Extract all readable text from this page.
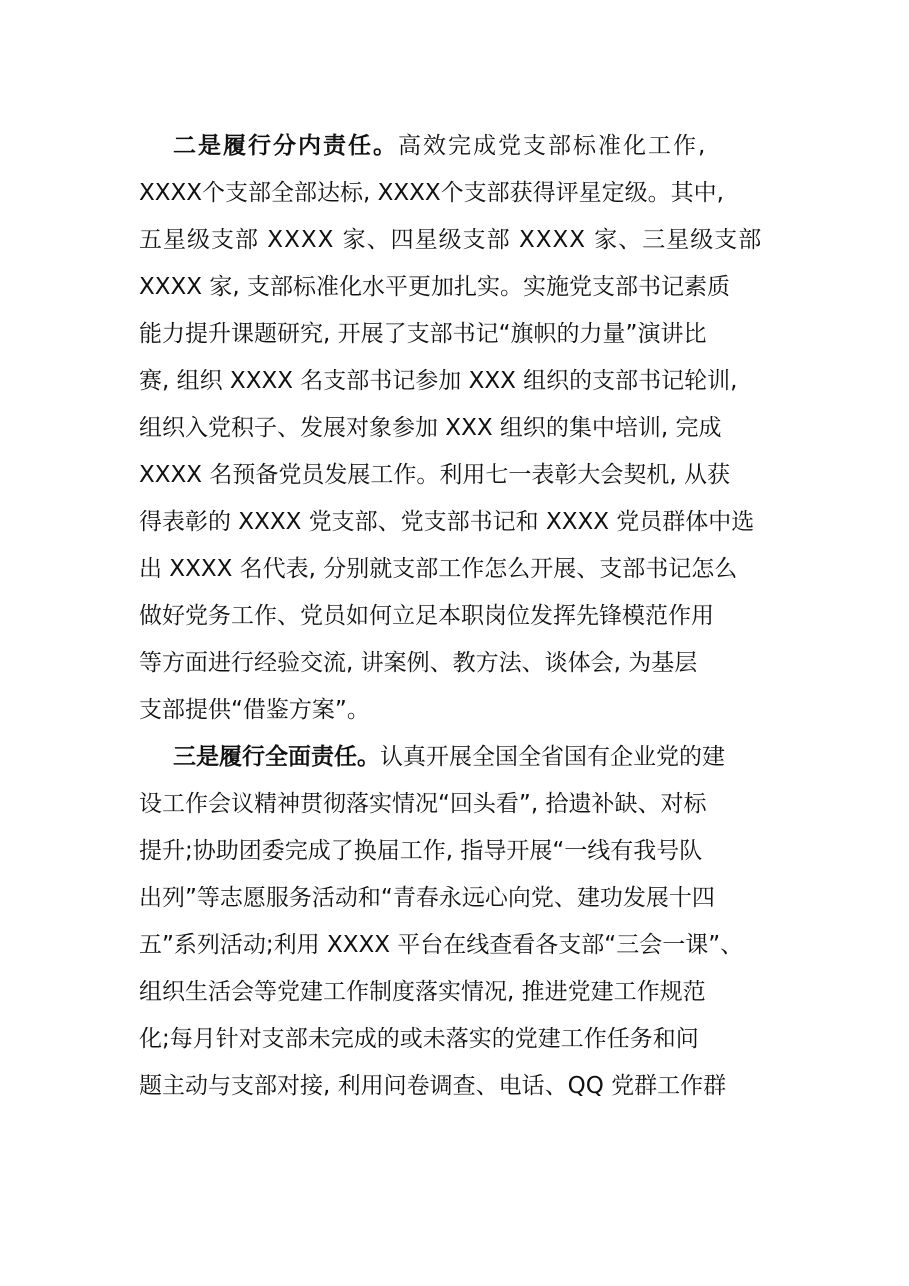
二是履行分内责任。高效完成党支部标准化工作,
XXXX个支部全部达标, XXXX个支部获得评星定级。其中,
五星级支部 XXXX 家、四星级支部 XXXX 家、三星级支部
XXXX 家, 支部标准化水平更加扎实。实施党支部书记素质
能力提升课题研究, 开展了支部书记“旗帜的力量”演讲比
赛, 组织 XXXX 名支部书记参加 XXX 组织的支部书记轮训,
组织入党积子、发展对象参加 XXX 组织的集中培训, 完成
XXXX 名预备党员发展工作。利用七一表彰大会契机, 从获
得表彰的 XXXX 党支部、党支部书记和 XXXX 党员群体中选
出 XXXX 名代表, 分别就支部工作怎么开展、支部书记怎么
做好党务工作、党员如何立足本职岗位发挥先锋模范作用
等方面进行经验交流, 讲案例、教方法、谈体会, 为基层
支部提供“借鉴方案”。
三是履行全面责任。认真开展全国全省国有企业党的建
设工作会议精神贯彻落实情况“回头看”, 拾遗补缺、对标
提升;协助团委完成了换届工作, 指导开展“一线有我号队
出列”等志愿服务活动和“青春永远心向党、建功发展十四
五”系列活动;利用 XXXX 平台在线查看各支部“三会一课”、
组织生活会等党建工作制度落实情况, 推进党建工作规范
化;每月针对支部未完成的或未落实的党建工作任务和问
题主动与支部对接, 利用问卷调查、电话、QQ 党群工作群
